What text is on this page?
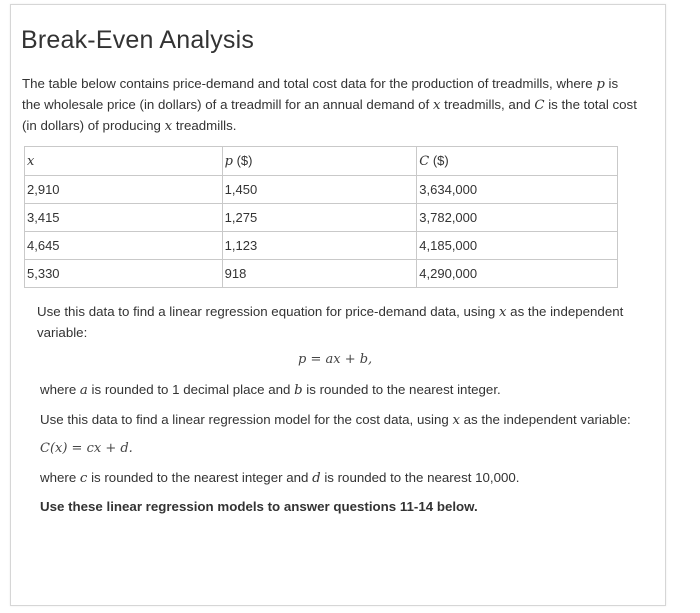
Break-Even Analysis
The table below contains price-demand and total cost data for the production of treadmills, where p is the wholesale price (in dollars) of a treadmill for an annual demand of x treadmills, and C is the total cost (in dollars) of producing x treadmills.
x	p ($)	C ($)
2,910	1,450	3,634,000
3,415	1,275	3,782,000
4,645	1,123	4,185,000
5,330	918	4,290,000
Use this data to find a linear regression equation for price-demand data, using x as the independent variable:
p = ax + b,
where a is rounded to 1 decimal place and b is rounded to the nearest integer.
Use this data to find a linear regression model for the cost data, using x as the independent variable:
C(x) = cx + d.
where c is rounded to the nearest integer and d is rounded to the nearest 10,000.
Use these linear regression models to answer questions 11-14 below.
